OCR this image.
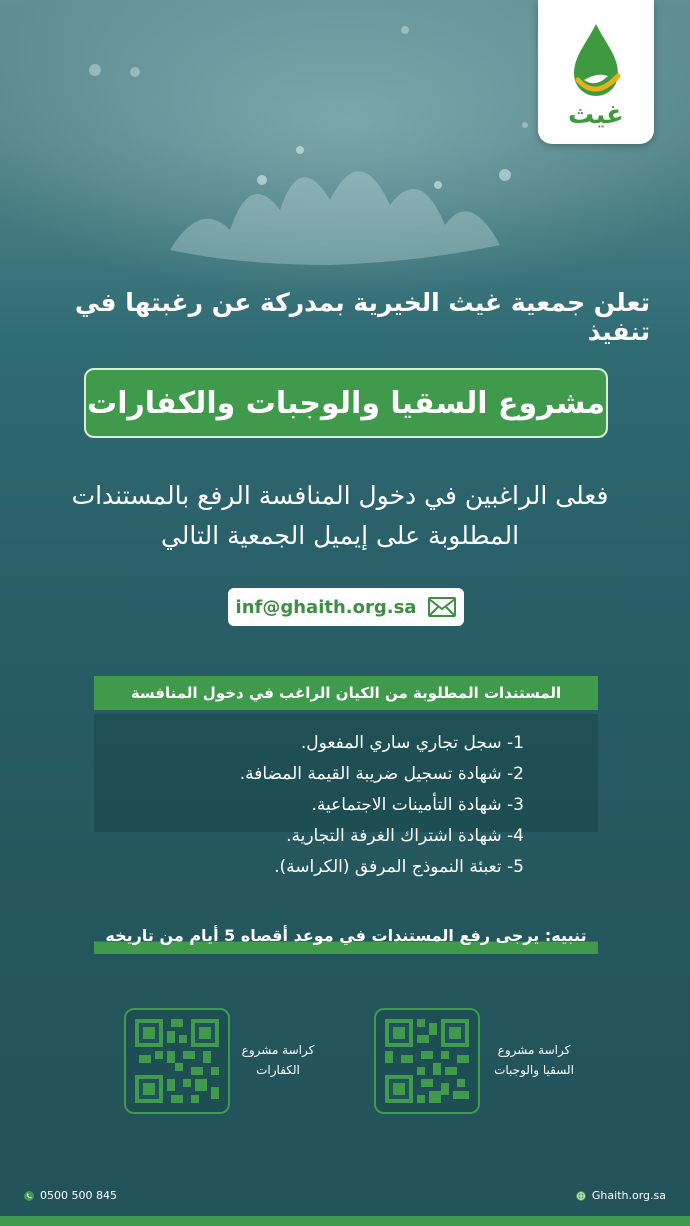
غيث
تعلن جمعية غيث الخيرية بمدركة عن رغبتها في تنفيذ
مشروع السقيا والوجبات والكفارات
فعلى الراغبين في دخول المنافسة الرفع بالمستندات
المطلوبة على إيميل الجمعية التالي
inf@ghaith.org.sa
المستندات المطلوبة من الكيان الراغب في دخول المنافسة
1- سجل تجاري ساري المفعول.
2- شهادة تسجيل ضريبة القيمة المضافة.
3- شهادة التأمينات الاجتماعية.
4- شهادة اشتراك الغرفة التجارية.
5- تعبئة النموذج المرفق (الكراسة).
تنبيه: يرجى رفع المستندات في موعد أقصاه 5 أيام من تاريخه
كراسة مشروع
السقيا والوجبات
كراسة مشروع
الكفارات
0500 500 845	Ghaith.org.sa
